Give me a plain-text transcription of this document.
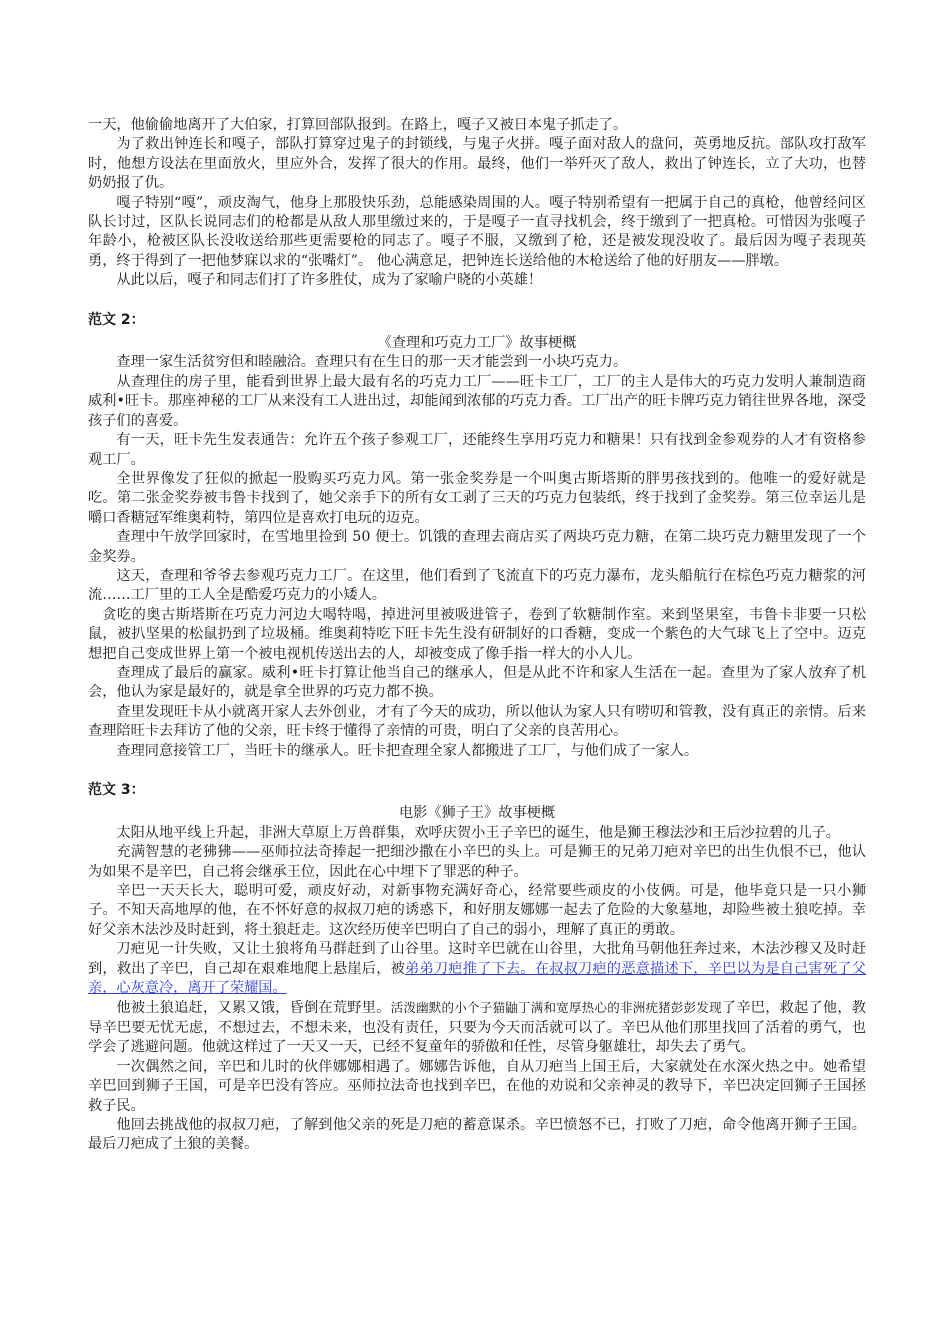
一天，他偷偷地离开了大伯家，打算回部队报到。在路上，嘎子又被日本鬼子抓走了。

为了救出钟连长和嘎子，部队打算穿过鬼子的封锁线，与鬼子火拼。嘎子面对敌人的盘问，英勇地反抗。部队攻打敌军时，他想方设法在里面放火，里应外合，发挥了很大的作用。最终，他们一举歼灭了敌人，救出了钟连长，立了大功，也替奶奶报了仇。

嘎子特别“嘎”，顽皮淘气，他身上那股快乐劲，总能感染周围的人。嘎子特别希望有一把属于自己的真枪，他曾经问区队长讨过，区队长说同志们的枪都是从敌人那里缴过来的，于是嘎子一直寻找机会，终于缴到了一把真枪。可惜因为张嘎子年龄小，枪被区队长没收送给那些更需要枪的同志了。嘎子不服，又缴到了枪，还是被发现没收了。最后因为嘎子表现英勇，终于得到了一把他梦寐以求的“张嘴灯”。 他心满意足，把钟连长送给他的木枪送给了他的好朋友——胖墩。

从此以后，嘎子和同志们打了许多胜仗，成为了家喻户晓的小英雄！

范文 2：

《查理和巧克力工厂》故事梗概

查理一家生活贫穷但和睦融洽。查理只有在生日的那一天才能尝到一小块巧克力。

从查理住的房子里，能看到世界上最大最有名的巧克力工厂——旺卡工厂，工厂的主人是伟大的巧克力发明人兼制造商威利•旺卡。那座神秘的工厂从来没有工人进出过，却能闻到浓郁的巧克力香。工厂出产的旺卡牌巧克力销往世界各地，深受孩子们的喜爱。

有一天，旺卡先生发表通告：允许五个孩子参观工厂，还能终生享用巧克力和糖果！只有找到金参观券的人才有资格参观工厂。

全世界像发了狂似的掀起一股购买巧克力风。第一张金奖券是一个叫奥古斯塔斯的胖男孩找到的。他唯一的爱好就是吃。第二张金奖券被韦鲁卡找到了，她父亲手下的所有女工剥了三天的巧克力包装纸，终于找到了金奖券。第三位幸运儿是嚼口香糖冠军维奥莉特，第四位是喜欢打电玩的迈克。

查理中午放学回家时，在雪地里捡到 50 便士。饥饿的查理去商店买了两块巧克力糖，在第二块巧克力糖里发现了一个金奖券。

这天，查理和爷爷去参观巧克力工厂。在这里，他们看到了飞流直下的巧克力瀑布，龙头船航行在棕色巧克力糖浆的河流……工厂里的工人全是酷爱巧克力的小矮人。

贪吃的奥古斯塔斯在巧克力河边大喝特喝，掉进河里被吸进管子，卷到了软糖制作室。来到坚果室，韦鲁卡非要一只松鼠，被扒坚果的松鼠扔到了垃圾桶。维奥莉特吃下旺卡先生没有研制好的口香糖，变成一个紫色的大气球飞上了空中。迈克想把自己变成世界上第一个被电视机传送出去的人，却被变成了像手指一样大的小人儿。

查理成了最后的赢家。威利•旺卡打算让他当自己的继承人，但是从此不许和家人生活在一起。查里为了家人放弃了机会，他认为家是最好的，就是拿全世界的巧克力都不换。

查里发现旺卡从小就离开家人去外创业，才有了今天的成功，所以他认为家人只有唠叨和管教，没有真正的亲情。后来查理陪旺卡去拜访了他的父亲，旺卡终于懂得了亲情的可贵，明白了父亲的良苦用心。

查理同意接管工厂，当旺卡的继承人。旺卡把查理全家人都搬进了工厂，与他们成了一家人。

范文 3：

电影《狮子王》故事梗概

太阳从地平线上升起，非洲大草原上万兽群集，欢呼庆贺小王子辛巴的诞生，他是狮王穆法沙和王后沙拉碧的儿子。

充满智慧的老狒狒——巫师拉法奇捧起一把细沙撒在小辛巴的头上。可是狮王的兄弟刀疤对辛巴的出生仇恨不已，他认为如果不是辛巴，自己将会继承王位，因此在心中埋下了罪恶的种子。

辛巴一天天长大，聪明可爱，顽皮好动，对新事物充满好奇心，经常要些顽皮的小伎俩。可是，他毕竟只是一只小狮子。不知天高地厚的他，在不怀好意的叔叔刀疤的诱惑下，和好朋友娜娜一起去了危险的大象墓地，却险些被土狼吃掉。幸好父亲木法沙及时赶到，将土狼赶走。这次经历使辛巴明白了自己的弱小，理解了真正的勇敢。

刀疤见一计失败，又让土狼将角马群赶到了山谷里。这时辛巴就在山谷里，大批角马朝他狂奔过来，木法沙穆又及时赶到，救出了辛巴，自己却在艰难地爬上悬崖后，被弟弟刀疤推了下去。在叔叔刀疤的恶意描述下，辛巴以为是自己害死了父亲，心灰意冷，离开了荣耀国。

他被土狼追赶，又累又饿，昏倒在荒野里。活泼幽默的小个子猫鼬丁满和宽厚热心的非洲疣猪彭彭发现了辛巴，救起了他，教导辛巴要无忧无虑，不想过去，不想未来，也没有责任，只要为今天而活就可以了。辛巴从他们那里找回了活着的勇气，也学会了逃避问题。他就这样过了一天又一天，已经不复童年的骄傲和任性，尽管身躯雄壮，却失去了勇气。

一次偶然之间，辛巴和儿时的伙伴娜娜相遇了。娜娜告诉他，自从刀疤当上国王后，大家就处在水深火热之中。她希望辛巴回到狮子王国，可是辛巴没有答应。巫师拉法奇也找到辛巴，在他的劝说和父亲神灵的教导下，辛巴决定回狮子王国拯救子民。

他回去挑战他的叔叔刀疤，了解到他父亲的死是刀疤的蓄意谋杀。辛巴愤怒不已，打败了刀疤，命令他离开狮子王国。最后刀疤成了土狼的美餐。
